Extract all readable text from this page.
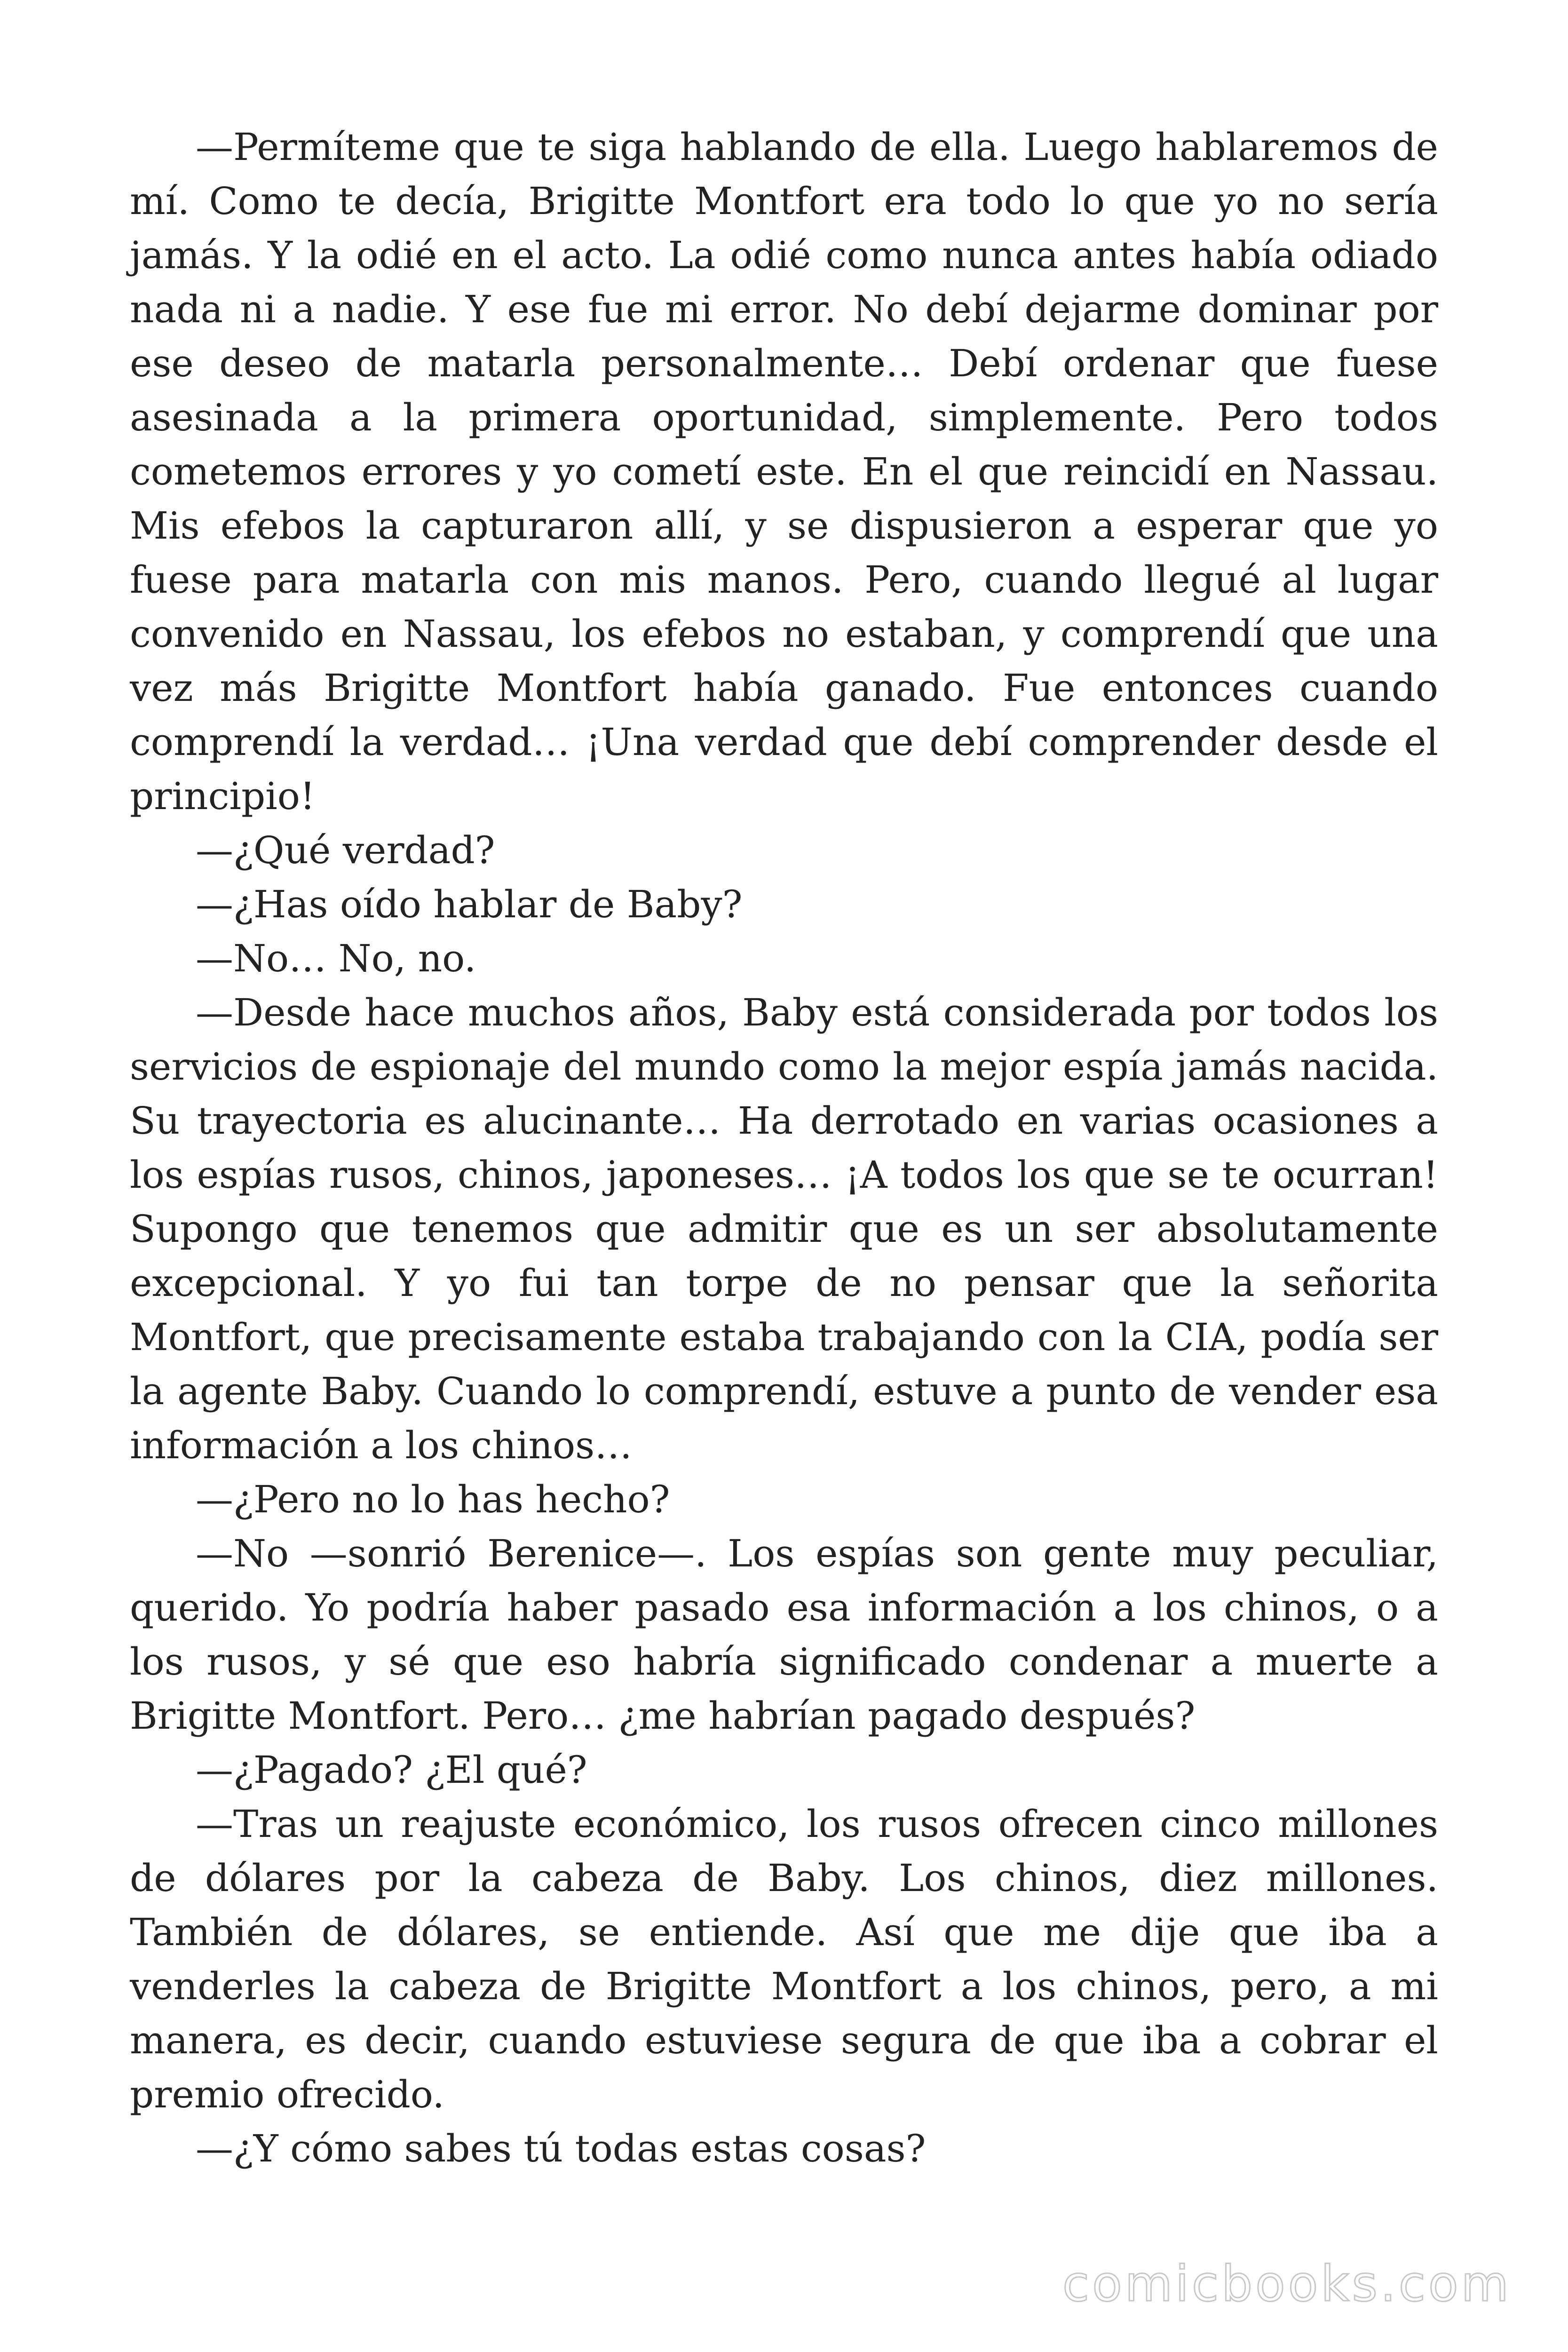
—Permíteme que te siga hablando de ella. Luego hablaremos de mí. Como te decía, Brigitte Montfort era todo lo que yo no sería jamás. Y la odié en el acto. La odié como nunca antes había odiado nada ni a nadie. Y ese fue mi error. No debí dejarme dominar por ese deseo de matarla personalmente… Debí ordenar que fuese asesinada a la primera oportunidad, simplemente. Pero todos cometemos errores y yo cometí este. En el que reincidí en Nassau. Mis efebos la capturaron allí, y se dispusieron a esperar que yo fuese para matarla con mis manos. Pero, cuando llegué al lugar convenido en Nassau, los efebos no estaban, y comprendí que una vez más Brigitte Montfort había ganado. Fue entonces cuando comprendí la verdad… ¡Una verdad que debí comprender desde el principio!

—¿Qué verdad?

—¿Has oído hablar de Baby?

—No… No, no.

—Desde hace muchos años, Baby está considerada por todos los servicios de espionaje del mundo como la mejor espía jamás nacida. Su trayectoria es alucinante… Ha derrotado en varias ocasiones a los espías rusos, chinos, japoneses… ¡A todos los que se te ocurran! Supongo que tenemos que admitir que es un ser absolutamente excepcional. Y yo fui tan torpe de no pensar que la señorita Montfort, que precisamente estaba trabajando con la CIA, podía ser la agente Baby. Cuando lo comprendí, estuve a punto de vender esa información a los chinos…

—¿Pero no lo has hecho?

—No —sonrió Berenice—. Los espías son gente muy peculiar, querido. Yo podría haber pasado esa información a los chinos, o a los rusos, y sé que eso habría significado condenar a muerte a Brigitte Montfort. Pero… ¿me habrían pagado después?

—¿Pagado? ¿El qué?

—Tras un reajuste económico, los rusos ofrecen cinco millones de dólares por la cabeza de Baby. Los chinos, diez millones. También de dólares, se entiende. Así que me dije que iba a venderles la cabeza de Brigitte Montfort a los chinos, pero, a mi manera, es decir, cuando estuviese segura de que iba a cobrar el premio ofrecido.

—¿Y cómo sabes tú todas estas cosas?

comicbooks.com
